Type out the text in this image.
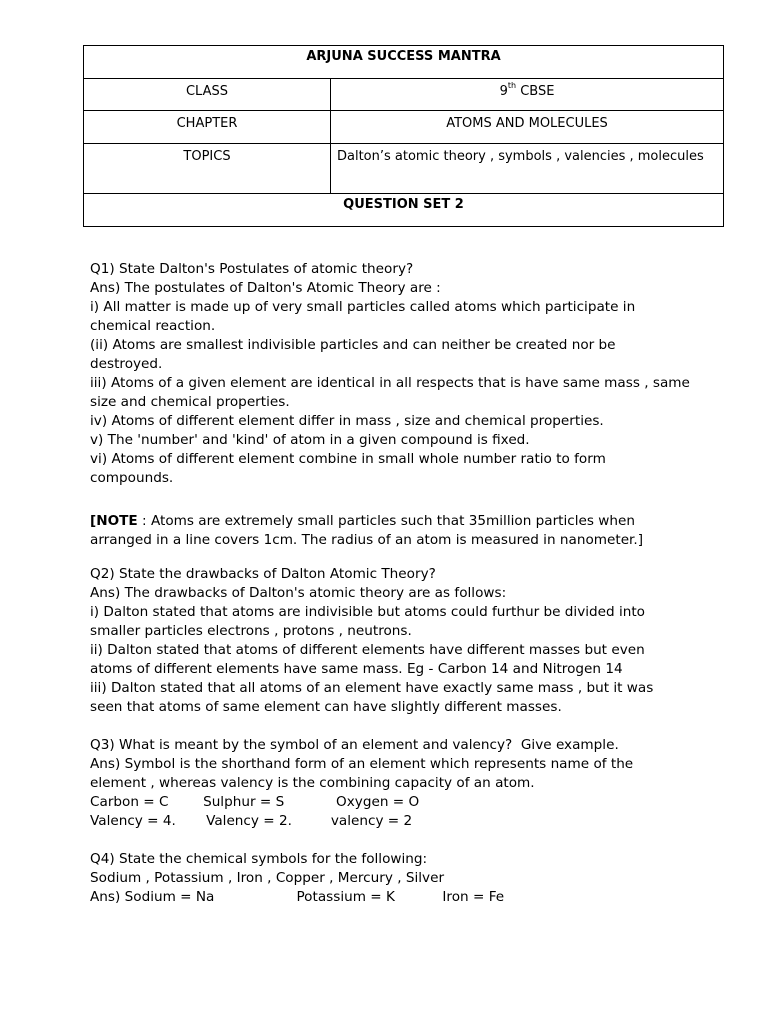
ARJUNA SUCCESS MANTRA	
CLASS	9th CBSE
CHAPTER	ATOMS AND MOLECULES
TOPICS	Dalton’s atomic theory , symbols , valencies , molecules
QUESTION SET 2	

Q1) State Dalton's Postulates of atomic theory?

Ans) The postulates of Dalton's Atomic Theory are :

i) All matter is made up of very small particles called atoms which participate in chemical reaction.

(ii) Atoms are smallest indivisible particles and can neither be created nor be destroyed.

iii) Atoms of a given element are identical in all respects that is have same mass , same size and chemical properties.

iv) Atoms of different element differ in mass , size and chemical properties.

v) The 'number' and 'kind' of atom in a given compound is fixed.

vi) Atoms of different element combine in small whole number ratio to form compounds.

[NOTE : Atoms are extremely small particles such that 35million particles when arranged in a line covers 1cm. The radius of an atom is measured in nanometer.]

Q2) State the drawbacks of Dalton Atomic Theory?

Ans) The drawbacks of Dalton's atomic theory are as follows:

i) Dalton stated that atoms are indivisible but atoms could furthur be divided into smaller particles electrons , protons , neutrons.

ii) Dalton stated that atoms of different elements have different masses but even atoms of different elements have same mass. Eg - Carbon 14 and Nitrogen 14

iii) Dalton stated that all atoms of an element have exactly same mass , but it was seen that atoms of same element can have slightly different masses.

Q3) What is meant by the symbol of an element and valency?  Give example.

Ans) Symbol is the shorthand form of an element which represents name of the element , whereas valency is the combining capacity of an atom.

Carbon = C        Sulphur = S            Oxygen = O

Valency = 4.       Valency = 2.         valency = 2

Q4) State the chemical symbols for the following:

Sodium , Potassium , Iron , Copper , Mercury , Silver

Ans) Sodium = Na                   Potassium = K           Iron = Fe
